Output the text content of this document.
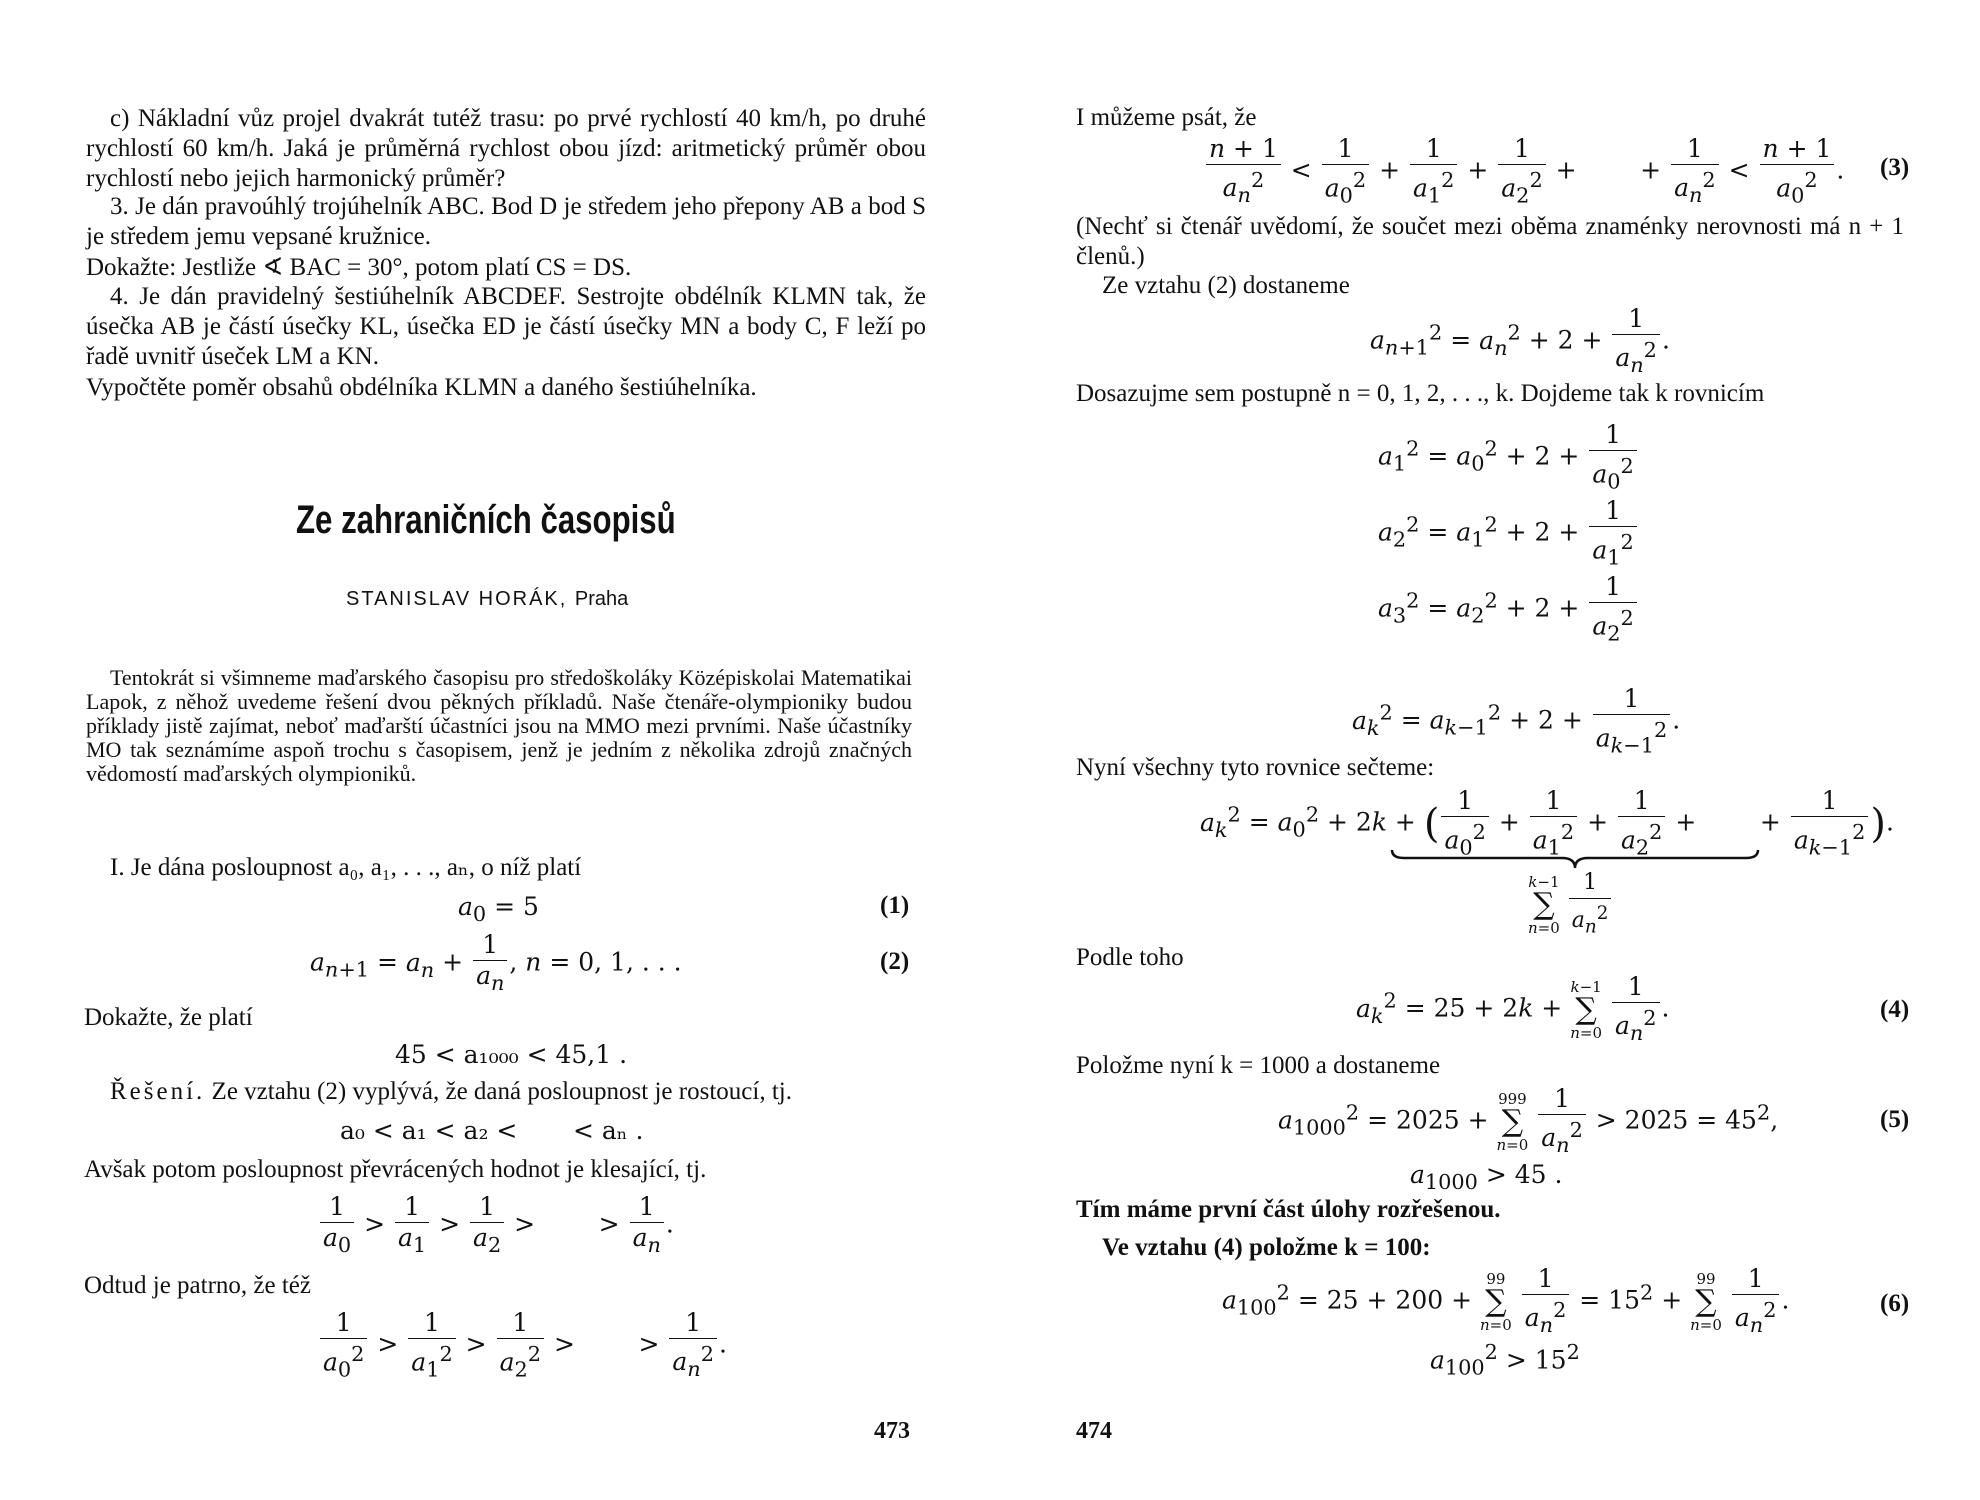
c) Nákladní vůz projel dvakrát tutéž trasu: po prvé rychlostí 40 km/h, po druhé rychlostí 60 km/h. Jaká je průměrná rychlost obou jízd: aritmetický průměr obou rychlostí nebo jejich harmonický průměr?
3. Je dán pravoúhlý trojúhelník ABC. Bod D je středem jeho přepony AB a bod S je středem jemu vepsané kružnice.
Dokažte: Jestliže ∢ BAC = 30°, potom platí CS = DS.
4. Je dán pravidelný šestiúhelník ABCDEF. Sestrojte obdélník KLMN tak, že úsečka AB je částí úsečky KL, úsečka ED je částí úsečky MN a body C, F leží po řadě uvnitř úseček LM a KN.
Vypočtěte poměr obsahů obdélníka KLMN a daného šestiúhelníka.
Ze zahraničních časopisů
STANISLAV HORÁK, Praha
Tentokrát si všimneme maďarského časopisu pro středoškoláky Középiskolai Matematikai Lapok, z něhož uvedeme řešení dvou pěkných příkladů. Naše čtenáře-olympioniky budou příklady jistě zajímat, neboť maďarští účastníci jsou na MMO mezi prvními. Naše účastníky MO tak seznámíme aspoň trochu s časopisem, jenž je jedním z několika zdrojů značných vědomostí maďarských olympioniků.
I. Je dána posloupnost a₀, a₁, . . ., aₙ, o níž platí
$a_0 = 5$	(1)
$a_{n+1} = a_n + \frac{1}{a_n}$ , n = 0, 1, . . .	(2)
Dokažte, že platí
45 < a₁₀₀₀ < 45,1 .
Řešení. Ze vztahu (2) vyplývá, že daná posloupnost je rostoucí, tj.
a₀ < a₁ < a₂ <       < aₙ .
Avšak potom posloupnost převrácených hodnot je klesající, tj.
$\frac{1}{a_0} > \frac{1}{a_1} > \frac{1}{a_2}$ >        > $\frac{1}{a_n}$ .
Odtud je patrno, že též
$\frac{1}{a_0^2} > \frac{1}{a_1^2} > \frac{1}{a_2^2}$ >        > $\frac{1}{a_n^2}$ .
473
I můžeme psát, že
$\frac{n + 1}{a_n^2} < \frac{1}{a_0^2} + \frac{1}{a_1^2} + \frac{1}{a_2^2}$ +        + $\frac{1}{a_n^2} < \frac{n + 1}{a_0^2}$ . (3)
(Nechť si čtenář uvědomí, že součet mezi oběma znaménky nerovnosti má n + 1 členů.)
Ze vztahu (2) dostaneme
$a_{n+1}^2 = a_n^2 + 2 + \frac{1}{a_n^2}$ .
Dosazujme sem postupně n = 0, 1, 2, . . ., k. Dojdeme tak k rovnicím
$a_1^2 = a_0^2 + 2 + \frac{1}{a_0^2}$
$a_2^2 = a_1^2 + 2 + \frac{1}{a_1^2}$
$a_3^2 = a_2^2 + 2 + \frac{1}{a_2^2}$
$a_k^2 = a_{k-1}^2 + 2 + \frac{1}{a_{k-1}^2}$ .
Nyní všechny tyto rovnice sečteme:
$a_k^2 = a_0^2 + 2k$ + ( $\frac{1}{a_0^2} + \frac{1}{a_1^2} + \frac{1}{a_2^2}$ +        + $\frac{1}{a_{k-1}^2}$ ).
k−1
∑
n=0
$\frac{1}{a_n^2}$
Podle toho
$a_k^2 = 25 + 2k$ +
k−1
∑
n=0
$\frac{1}{a_n^2}$ .	(4)
Položme nyní k = 1000 a dostaneme
$a_{1000}^2 = 2025$ +
999
∑
n=0
$\frac{1}{a_n^2} > 2025 = 45^2$,	(5)
$a_{1000} > 45$ .
Tím máme první část úlohy rozřešenou.
Ve vztahu (4) položme k = 100:
$a_{100}^2 = 25 + 200$ +
99
∑
n=0
$\frac{1}{a_n^2} = 15^2$ +
99
∑
n=0
$\frac{1}{a_n^2}$ .	(6)
$a_{100}^2 > 15^2$
474
